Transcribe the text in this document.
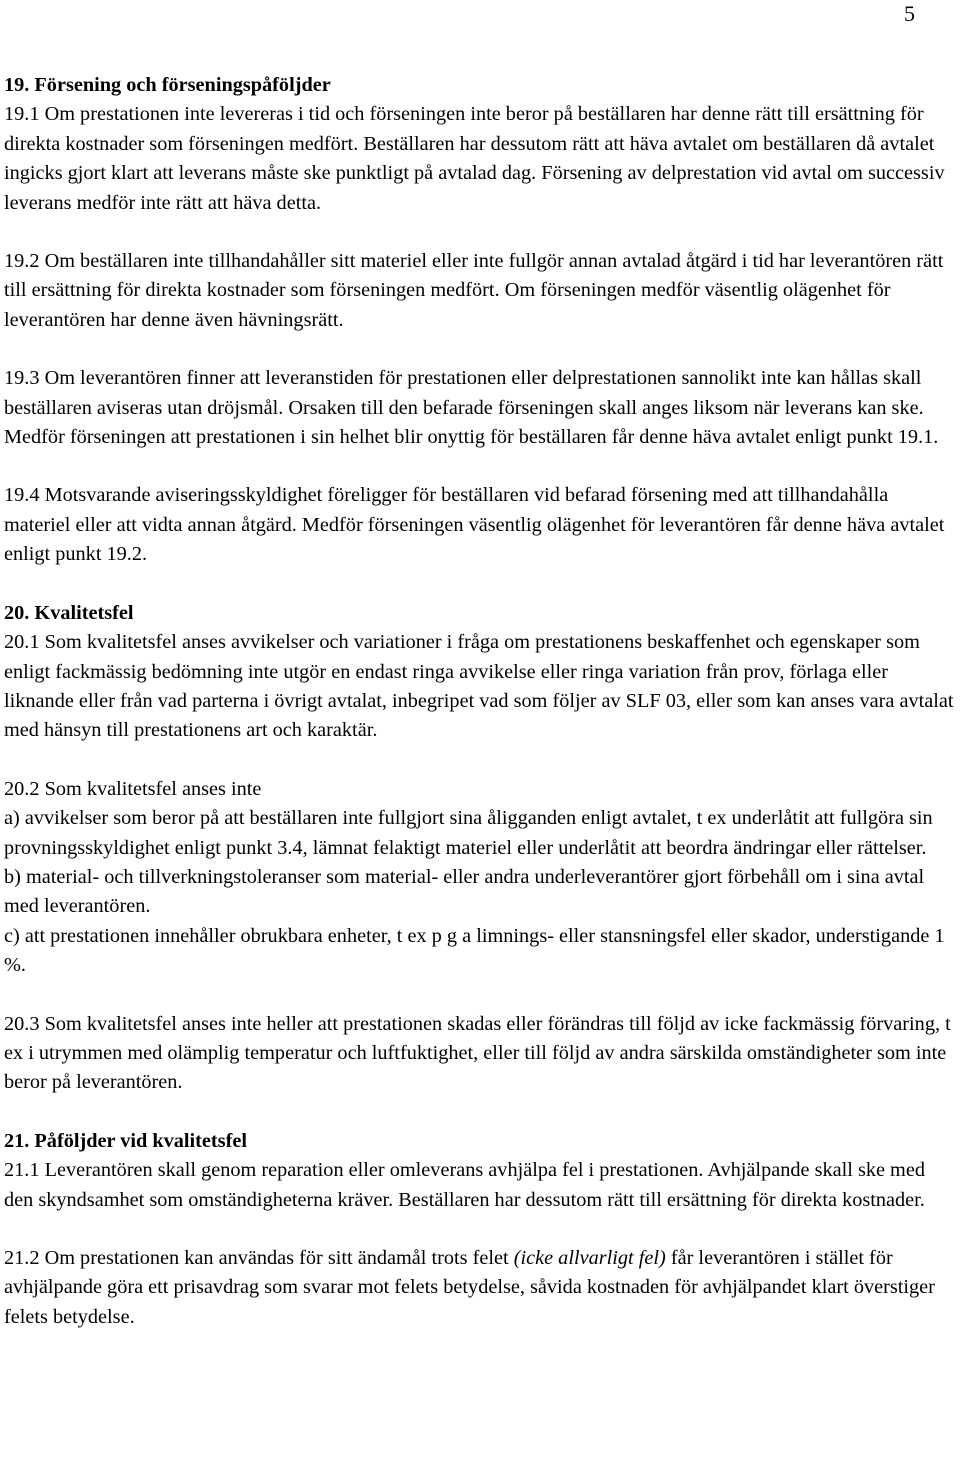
5

19. Försening och förseningspåföljder

19.1 Om prestationen inte levereras i tid och förseningen inte beror på beställaren har denne rätt till ersättning för direkta kostnader som förseningen medfört. Beställaren har dessutom rätt att häva avtalet om beställaren då avtalet ingicks gjort klart att leverans måste ske punktligt på avtalad dag. Försening av delprestation vid avtal om successiv leverans medför inte rätt att häva detta.

19.2 Om beställaren inte tillhandahåller sitt materiel eller inte fullgör annan avtalad åtgärd i tid har leverantören rätt till ersättning för direkta kostnader som förseningen medfört. Om förseningen medför väsentlig olägenhet för leverantören har denne även hävningsrätt.

19.3 Om leverantören finner att leveranstiden för prestationen eller delprestationen sannolikt inte kan hållas skall beställaren aviseras utan dröjsmål. Orsaken till den befarade förseningen skall anges liksom när leverans kan ske. Medför förseningen att prestationen i sin helhet blir onyttig för beställaren får denne häva avtalet enligt punkt 19.1.

19.4 Motsvarande aviseringsskyldighet föreligger för beställaren vid befarad försening med att tillhandahålla materiel eller att vidta annan åtgärd. Medför förseningen väsentlig olägenhet för leverantören får denne häva avtalet enligt punkt 19.2.

20. Kvalitetsfel

20.1 Som kvalitetsfel anses avvikelser och variationer i fråga om prestationens beskaffenhet och egenskaper som enligt fackmässig bedömning inte utgör en endast ringa avvikelse eller ringa variation från prov, förlaga eller liknande eller från vad parterna i övrigt avtalat, inbegripet vad som följer av SLF 03, eller som kan anses vara avtalat med hänsyn till prestationens art och karaktär.

20.2 Som kvalitetsfel anses inte

a) avvikelser som beror på att beställaren inte fullgjort sina åligganden enligt avtalet, t ex underlåtit att fullgöra sin provningsskyldighet enligt punkt 3.4, lämnat felaktigt materiel eller underlåtit att beordra ändringar eller rättelser.

b) material- och tillverkningstoleranser som material- eller andra underleverantörer gjort förbehåll om i sina avtal med leverantören.

c) att prestationen innehåller obrukbara enheter, t ex p g a limnings- eller stansningsfel eller skador, understigande 1 %.

20.3 Som kvalitetsfel anses inte heller att prestationen skadas eller förändras till följd av icke fackmässig förvaring, t ex i utrymmen med olämplig temperatur och luftfuktighet, eller till följd av andra särskilda omständigheter som inte beror på leverantören.

21. Påföljder vid kvalitetsfel

21.1 Leverantören skall genom reparation eller omleverans avhjälpa fel i prestationen. Avhjälpande skall ske med den skyndsamhet som omständigheterna kräver. Beställaren har dessutom rätt till ersättning för direkta kostnader.

21.2 Om prestationen kan användas för sitt ändamål trots felet (icke allvarligt fel) får leverantören i stället för avhjälpande göra ett prisavdrag som svarar mot felets betydelse, såvida kostnaden för avhjälpandet klart överstiger felets betydelse.
